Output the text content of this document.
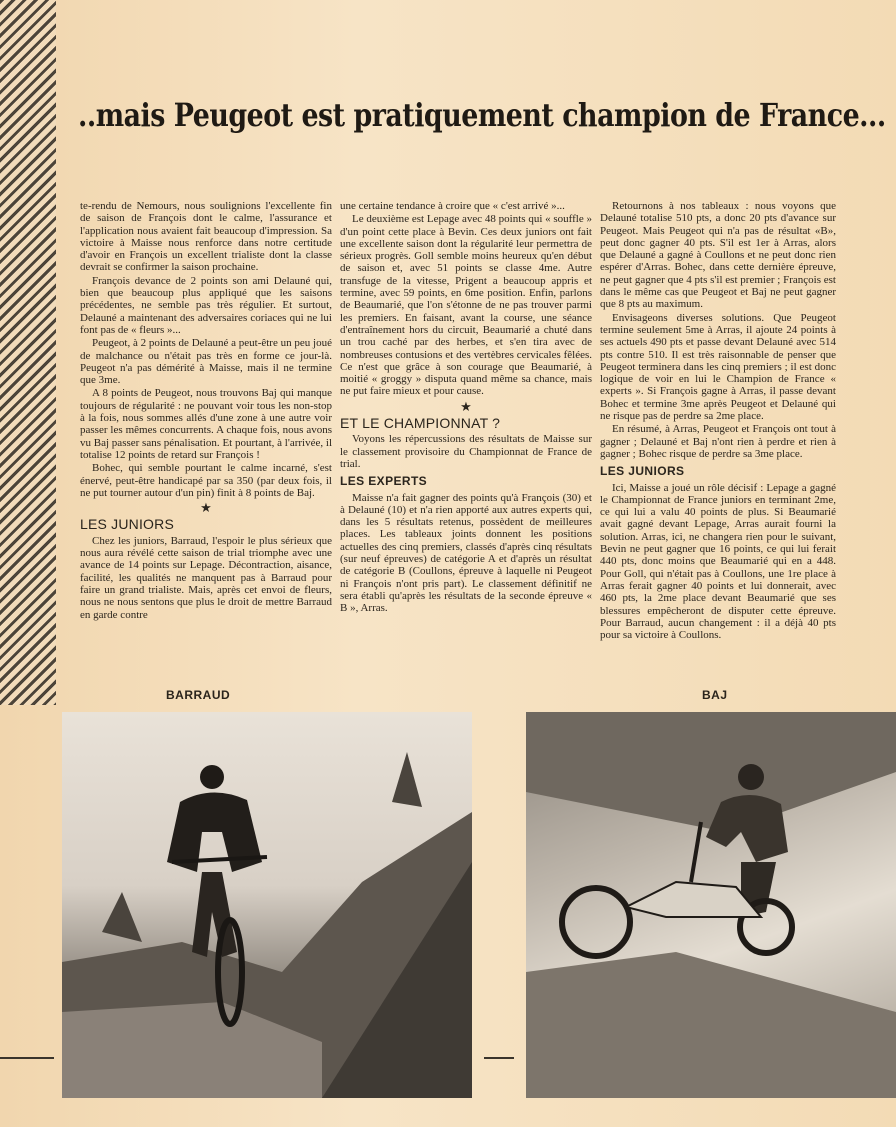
..mais Peugeot est pratiquement champion de France...

te-rendu de Nemours, nous soulignions l'excellente fin de saison de François dont le calme, l'assurance et l'application nous avaient fait beaucoup d'impression. Sa victoire à Maisse nous renforce dans notre certitude d'avoir en François un excellent trialiste dont la classe devrait se confirmer la saison prochaine.

François devance de 2 points son ami Delauné qui, bien que beaucoup plus appliqué que les saisons précédentes, ne semble pas très régulier. Et surtout, Delauné a maintenant des adversaires coriaces qui ne lui font pas de « fleurs »...

Peugeot, à 2 points de Delauné a peut-être un peu joué de malchance ou n'était pas très en forme ce jour-là. Peugeot n'a pas démérité à Maisse, mais il ne termine que 3me.

A 8 points de Peugeot, nous trouvons Baj qui manque toujours de régularité : ne pouvant voir tous les non-stop à la fois, nous sommes allés d'une zone à une autre voir passer les mêmes concurrents. A chaque fois, nous avons vu Baj passer sans pénalisation. Et pourtant, à l'arrivée, il totalise 12 points de retard sur François !

Bohec, qui semble pourtant le calme incarné, s'est énervé, peut-être handicapé par sa 350 (par deux fois, il ne put tourner autour d'un pin) finit à 8 points de Baj.

★
LES JUNIORS

Chez les juniors, Barraud, l'espoir le plus sérieux que nous aura révélé cette saison de trial triomphe avec une avance de 14 points sur Lepage. Décontraction, aisance, facilité, les qualités ne manquent pas à Barraud pour faire un grand trialiste. Mais, après cet envoi de fleurs, nous ne nous sentons que plus le droit de mettre Barraud en garde contre

une certaine tendance à croire que « c'est arrivé »...

Le deuxième est Lepage avec 48 points qui « souffle » d'un point cette place à Bevin. Ces deux juniors ont fait une excellente saison dont la régularité leur permettra de sérieux progrès. Goll semble moins heureux qu'en début de saison et, avec 51 points se classe 4me. Autre transfuge de la vitesse, Prigent a beaucoup appris et termine, avec 59 points, en 6me position. Enfin, parlons de Beaumarié, que l'on s'étonne de ne pas trouver parmi les premiers. En faisant, avant la course, une séance d'entraînement hors du circuit, Beaumarié a chuté dans un trou caché par des herbes, et s'en tira avec de nombreuses contusions et des vertèbres cervicales fêlées. Ce n'est que grâce à son courage que Beaumarié, à moitié « groggy » disputa quand même sa chance, mais ne put faire mieux et pour cause.

★
ET LE CHAMPIONNAT ?

Voyons les répercussions des résultats de Maisse sur le classement provisoire du Championnat de France de trial.

LES EXPERTS

Maisse n'a fait gagner des points qu'à François (30) et à Delauné (10) et n'a rien apporté aux autres experts qui, dans les 5 résultats retenus, possèdent de meilleures places. Les tableaux joints donnent les positions actuelles des cinq premiers, classés d'après cinq résultats (sur neuf épreuves) de catégorie A et d'après un résultat de catégorie B (Coullons, épreuve à laquelle ni Peugeot ni François n'ont pris part). Le classement définitif ne sera établi qu'après les résultats de la seconde épreuve « B », Arras.

Retournons à nos tableaux : nous voyons que Delauné totalise 510 pts, a donc 20 pts d'avance sur Peugeot. Mais Peugeot qui n'a pas de résultat «B», peut donc gagner 40 pts. S'il est 1er à Arras, alors que Delauné a gagné à Coullons et ne peut donc rien espérer d'Arras. Bohec, dans cette dernière épreuve, ne peut gagner que 4 pts s'il est premier ; François est dans le même cas que Peugeot et Baj ne peut gagner que 8 pts au maximum.

Envisageons diverses solutions. Que Peugeot termine seulement 5me à Arras, il ajoute 24 points à ses actuels 490 pts et passe devant Delauné avec 514 pts contre 510. Il est très raisonnable de penser que Peugeot terminera dans les cinq premiers ; il est donc logique de voir en lui le Champion de France « experts ». Si François gagne à Arras, il passe devant Bohec et termine 3me après Peugeot et Delauné qui ne risque pas de perdre sa 2me place.

En résumé, à Arras, Peugeot et François ont tout à gagner ; Delauné et Baj n'ont rien à perdre et rien à gagner ; Bohec risque de perdre sa 3me place.

LES JUNIORS

Ici, Maisse a joué un rôle décisif : Lepage a gagné le Championnat de France juniors en terminant 2me, ce qui lui a valu 40 points de plus. Si Beaumarié avait gagné devant Lepage, Arras aurait fourni la solution. Arras, ici, ne changera rien pour le suivant, Bevin ne peut gagner que 16 points, ce qui lui ferait 440 pts, donc moins que Beaumarié qui en a 448. Pour Goll, qui n'était pas à Coullons, une 1re place à Arras ferait gagner 40 points et lui donnerait, avec 460 pts, la 2me place devant Beaumarié que ses blessures empêcheront de disputer cette épreuve. Pour Barraud, aucun changement : il a déjà 40 pts pour sa victoire à Coullons.

BARRAUD	BAJ
